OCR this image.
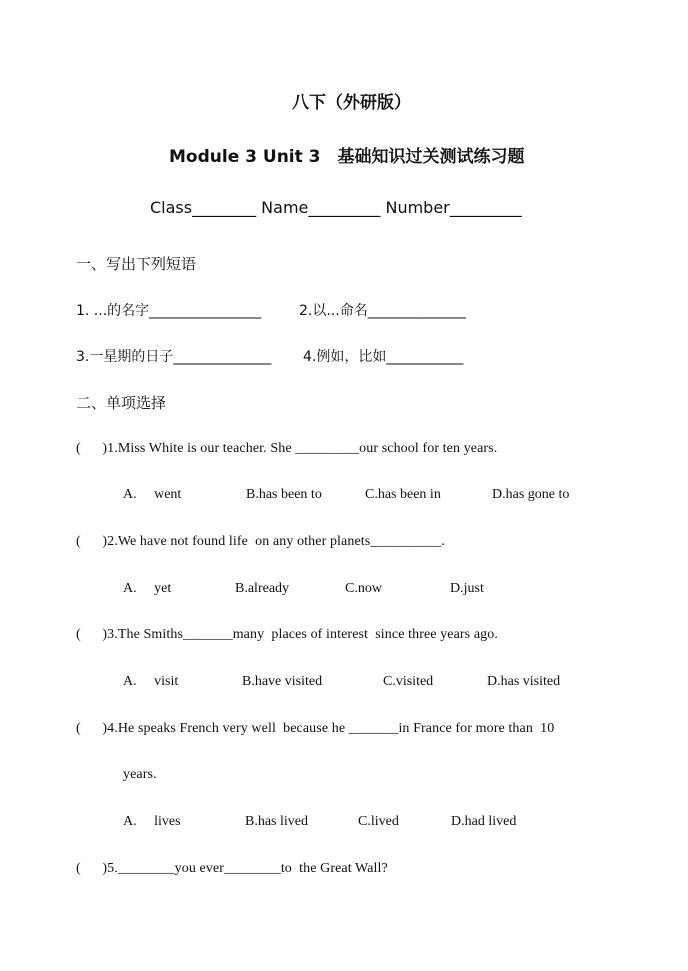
八下（外研版）
Module 3 Unit 3　基础知识过关测试练习题
Class________ Name_________ Number_________
一、写出下列短语
1. ...的名字________________	2.以...命名______________
3.一星期的日子______________ 4.例如，比如___________
二、单项选择
(      )1.Miss White is our teacher. She _________our school for ten years.
A.     went	B.has been to	C.has been in	D.has gone to
(      )2.We have not found life  on any other planets__________.
A.     yet	B.already	C.now	D.just
(      )3.The Smiths_______many  places of interest  since three years ago.
A.     visit	B.have visited	C.visited	D.has visited
(      )4.He speaks French very well  because he _______in France for more than  10
years.
A.     lives	B.has lived	C.lived	D.had lived
(      )5.________you ever________to  the Great Wall?
